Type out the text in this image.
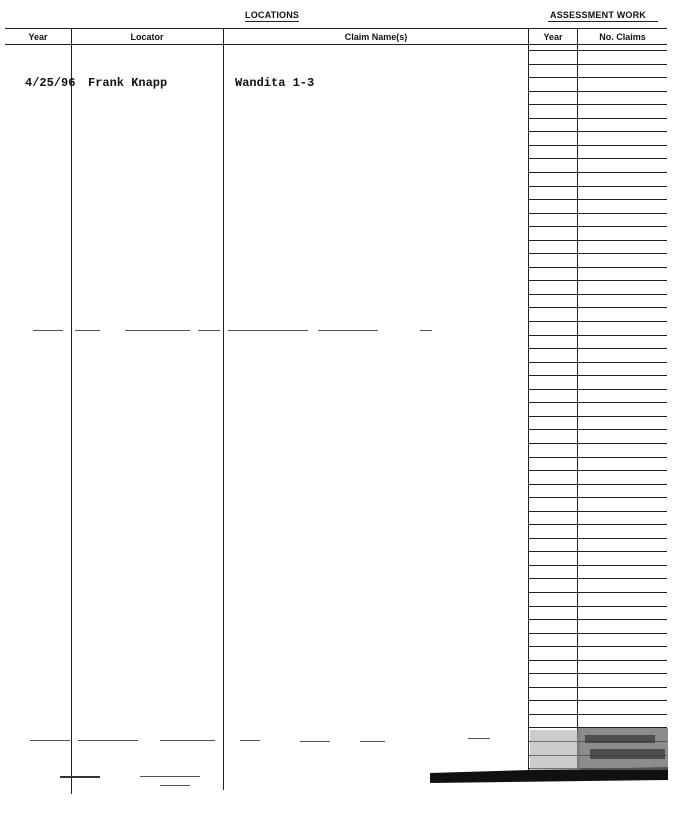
LOCATIONS	ASSESSMENT WORK
Year	Locator	Claim Name(s)	Year	No. Claims
4/25/96 Frank Knapp	Wandita 1-3
